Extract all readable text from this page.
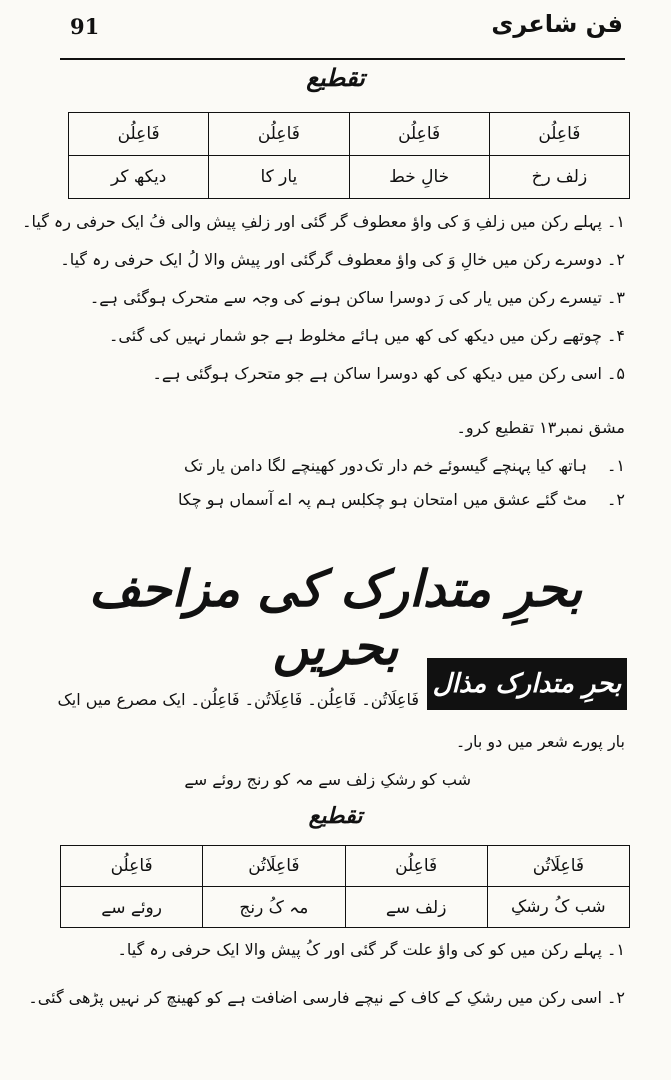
91	فن شاعری
تقطیع
فَاعِلُن	فَاعِلُن	فَاعِلُن	فَاعِلُن
زلف رخ	خالِ خط	یار کا	دیکھ کر
۱۔ پہلے رکن میں زلفِ وَ کی واؤ معطوف گر گئی اور زلفِ پیش والی فُ ایک حرفی رہ گیا۔
۲۔ دوسرے رکن میں خالِ وَ کی واؤ معطوف گرگئی اور پیش والا لُ ایک حرفی رہ گیا۔
۳۔ تیسرے رکن میں یار کی رَ دوسرا ساکن ہونے کی وجہ سے متحرک ہوگئی ہے۔
۴۔ چوتھے رکن میں دیکھ کی کھ میں ہائے مخلوط ہے جو شمار نہیں کی گئی۔
۵۔ اسی رکن میں دیکھ کی کھ دوسرا ساکن ہے جو متحرک ہوگئی ہے۔
مشق نمبر۱۳ تقطیع کرو۔
۱۔
ہاتھ کیا پہنچے گیسوئے خم دار تک
دور کھینچے لگا دامن یار تک
۲۔
مٹ گئے عشق میں امتحان ہو چکا
بس ہم پہ اے آسماں ہو چکا
بحرِ متدارک کی مزاحف بحریں
بحرِ متدارک مذال
فَاعِلَاتُن۔ فَاعِلُن۔ فَاعِلَاتُن۔ فَاعِلُن۔ ایک مصرع میں ایک
بار پورے شعر میں دو بار۔
شب کو رشکِ زلف سے مہ کو رنج روئے سے
تقطیع
فَاعِلَاتُن	فَاعِلُن	فَاعِلَاتُن	فَاعِلُن
شب کُ رشکِ	زلف سے	مہ کُ رنج	روئے سے
۱۔ پہلے رکن میں کو کی واؤ علت گر گئی اور کُ پیش والا ایک حرفی رہ گیا۔
۲۔ اسی رکن میں رشکِ کے کاف کے نیچے فارسی اضافت ہے کو کھینچ کر نہیں پڑھی گئی۔
